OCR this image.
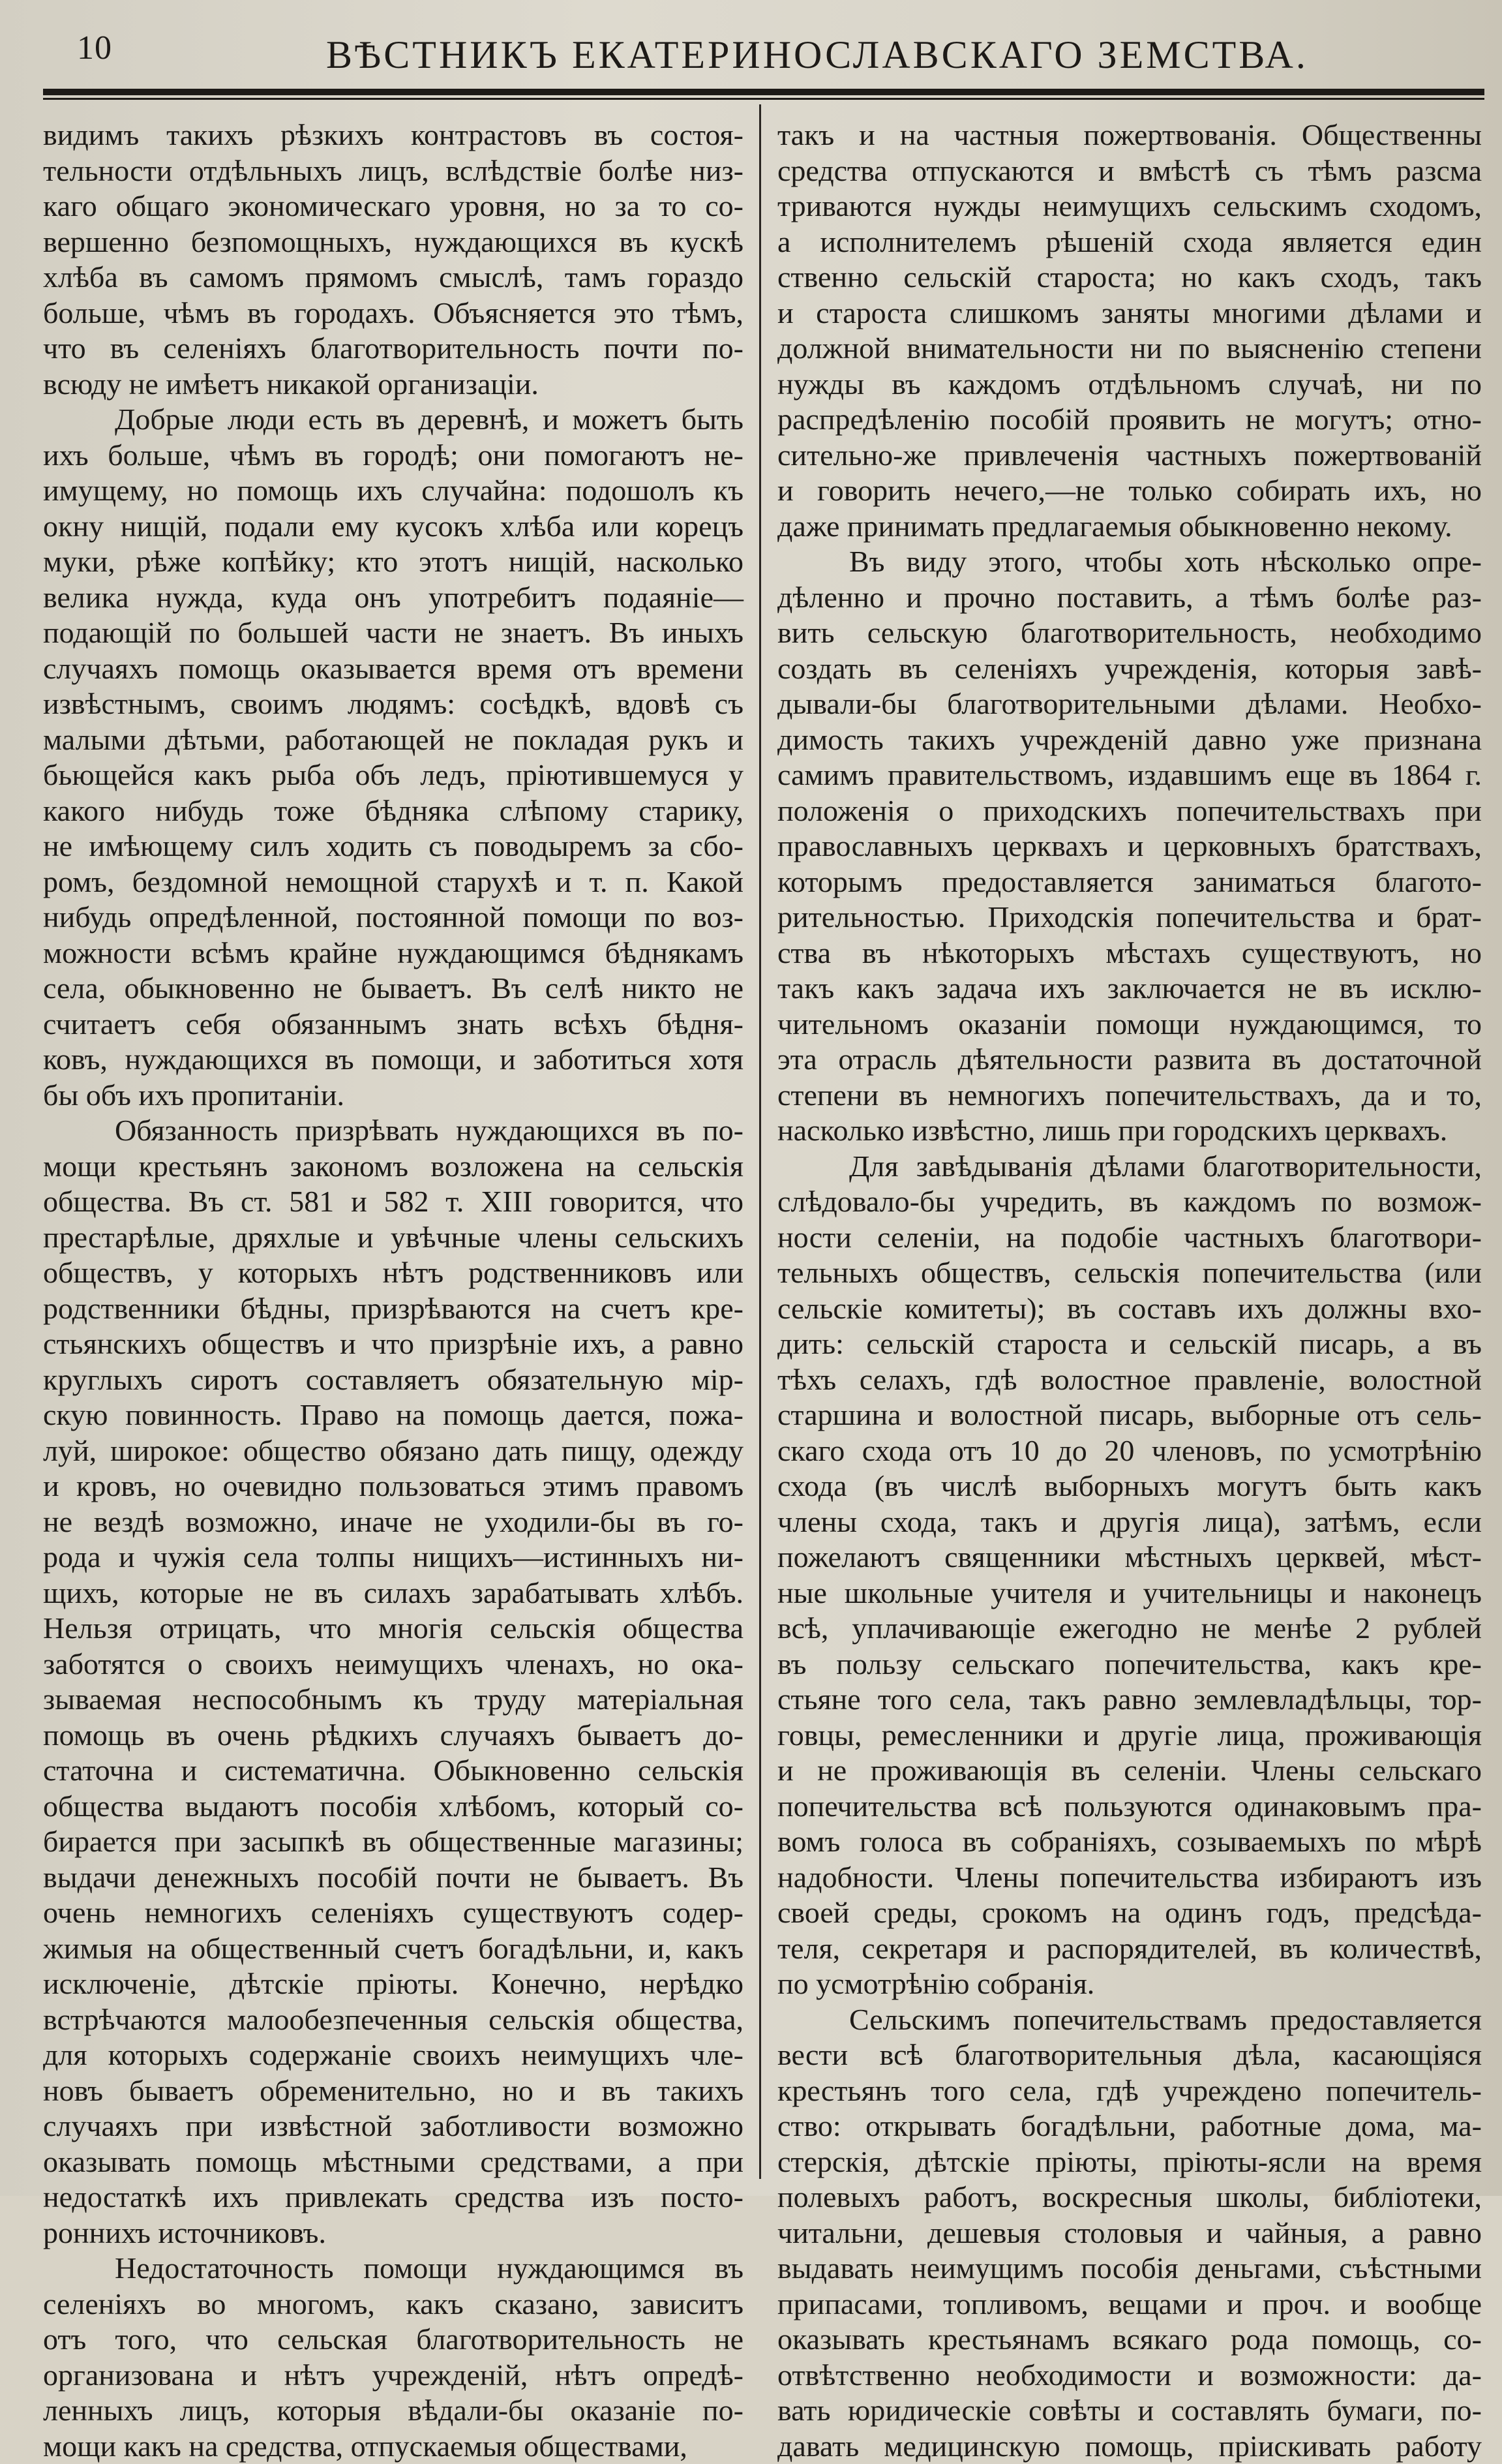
10	ВѢСТНИКЪ ЕКАТЕРИНОСЛАВСКАГО ЗЕМСТВА.
видимъ такихъ рѣзкихъ контрастовъ въ состоя-
тельности отдѣльныхъ лицъ, вслѣдствіе болѣе низ-
каго общаго экономическаго уровня, но за то со-
вершенно безпомощныхъ, нуждающихся въ кускѣ
хлѣба въ самомъ прямомъ смыслѣ, тамъ гораздо
больше, чѣмъ въ городахъ. Объясняется это тѣмъ,
что въ селеніяхъ благотворительность почти по-
всюду не имѣетъ никакой организаціи.
Добрые люди есть въ деревнѣ, и можетъ быть
ихъ больше, чѣмъ въ городѣ; они помогаютъ не-
имущему, но помощь ихъ случайна: подошолъ къ
окну нищій, подали ему кусокъ хлѣба или корецъ
муки, рѣже копѣйку; кто этотъ нищій, насколько
велика нужда, куда онъ употребитъ подаяніе—
подающій по большей части не знаетъ. Въ иныхъ
случаяхъ помощь оказывается время отъ времени
извѣстнымъ, своимъ людямъ: сосѣдкѣ, вдовѣ съ
малыми дѣтьми, работающей не покладая рукъ и
бьющейся какъ рыба объ ледъ, пріютившемуся у
какого нибудь тоже бѣдняка слѣпому старику,
не имѣющему силъ ходить съ поводыремъ за сбо-
ромъ, бездомной немощной старухѣ и т. п. Какой
нибудь опредѣленной, постоянной помощи по воз-
можности всѣмъ крайне нуждающимся бѣднякамъ
села, обыкновенно не бываетъ. Въ селѣ никто не
считаетъ себя обязаннымъ знать всѣхъ бѣдня-
ковъ, нуждающихся въ помощи, и заботиться хотя
бы объ ихъ пропитаніи.
Обязанность призрѣвать нуждающихся въ по-
мощи крестьянъ закономъ возложена на сельскія
общества. Въ ст. 581 и 582 т. XIII говорится, что
престарѣлые, дряхлые и увѣчные члены сельскихъ
обществъ, у которыхъ нѣтъ родственниковъ или
родственники бѣдны, призрѣваются на счетъ кре-
стьянскихъ обществъ и что призрѣніе ихъ, а равно
круглыхъ сиротъ составляетъ обязательную мір-
скую повинность. Право на помощь дается, пожа-
луй, широкое: общество обязано дать пищу, одежду
и кровъ, но очевидно пользоваться этимъ правомъ
не вездѣ возможно, иначе не уходили-бы въ го-
рода и чужія села толпы нищихъ—истинныхъ ни-
щихъ, которые не въ силахъ зарабатывать хлѣбъ.
Нельзя отрицать, что многія сельскія общества
заботятся о своихъ неимущихъ членахъ, но ока-
зываемая неспособнымъ къ труду матеріальная
помощь въ очень рѣдкихъ случаяхъ бываетъ до-
статочна и систематична. Обыкновенно сельскія
общества выдаютъ пособія хлѣбомъ, который со-
бирается при засыпкѣ въ общественные магазины;
выдачи денежныхъ пособій почти не бываетъ. Въ
очень немногихъ селеніяхъ существуютъ содер-
жимыя на общественный счетъ богадѣльни, и, какъ
исключеніе, дѣтскіе пріюты. Конечно, нерѣдко
встрѣчаются малообезпеченныя сельскія общества,
для которыхъ содержаніе своихъ неимущихъ чле-
новъ бываетъ обременительно, но и въ такихъ
случаяхъ при извѣстной заботливости возможно
оказывать помощь мѣстными средствами, а при
недостаткѣ ихъ привлекать средства изъ посто-
роннихъ источниковъ.
Недостаточность помощи нуждающимся въ
селеніяхъ во многомъ, какъ сказано, зависитъ
отъ того, что сельская благотворительность не
организована и нѣтъ учрежденій, нѣтъ опредѣ-
ленныхъ лицъ, которыя вѣдали-бы оказаніе по-
мощи какъ на средства, отпускаемыя обществами,
такъ и на частныя пожертвованія. Общественны
средства отпускаются и вмѣстѣ съ тѣмъ разсма
триваются нужды неимущихъ сельскимъ сходомъ,
а исполнителемъ рѣшеній схода является един
ственно сельскій староста; но какъ сходъ, такъ
и староста слишкомъ заняты многими дѣлами и
должной внимательности ни по выясненію степени
нужды въ каждомъ отдѣльномъ случаѣ, ни по
распредѣленію пособій проявить не могутъ; отно-
сительно-же привлеченія частныхъ пожертвованій
и говорить нечего,—не только собирать ихъ, но
даже принимать предлагаемыя обыкновенно некому.
Въ виду этого, чтобы хоть нѣсколько опре-
дѣленно и прочно поставить, а тѣмъ болѣе раз-
вить сельскую благотворительность, необходимо
создать въ селеніяхъ учрежденія, которыя завѣ-
дывали-бы благотворительными дѣлами. Необхо-
димость такихъ учрежденій давно уже признана
самимъ правительствомъ, издавшимъ еще въ 1864 г.
положенія о приходскихъ попечительствахъ при
православныхъ церквахъ и церковныхъ братствахъ,
которымъ предоставляется заниматься благото-
рительностью. Приходскія попечительства и брат-
ства въ нѣкоторыхъ мѣстахъ существуютъ, но
такъ какъ задача ихъ заключается не въ исклю-
чительномъ оказаніи помощи нуждающимся, то
эта отрасль дѣятельности развита въ достаточной
степени въ немногихъ попечительствахъ, да и то,
насколько извѣстно, лишь при городскихъ церквахъ.
Для завѣдыванія дѣлами благотворительности,
слѣдовало-бы учредить, въ каждомъ по возмож-
ности селеніи, на подобіе частныхъ благотвори-
тельныхъ обществъ, сельскія попечительства (или
сельскіе комитеты); въ составъ ихъ должны вхо-
дить: сельскій староста и сельскій писарь, а въ
тѣхъ селахъ, гдѣ волостное правленіе, волостной
старшина и волостной писарь, выборные отъ сель-
скаго схода отъ 10 до 20 членовъ, по усмотрѣнію
схода (въ числѣ выборныхъ могутъ быть какъ
члены схода, такъ и другія лица), затѣмъ, если
пожелаютъ священники мѣстныхъ церквей, мѣст-
ные школьные учителя и учительницы и наконецъ
всѣ, уплачивающіе ежегодно не менѣе 2 рублей
въ пользу сельскаго попечительства, какъ кре-
стьяне того села, такъ равно землевладѣльцы, тор-
говцы, ремесленники и другіе лица, проживающія
и не проживающія въ селеніи. Члены сельскаго
попечительства всѣ пользуются одинаковымъ пра-
вомъ голоса въ собраніяхъ, созываемыхъ по мѣрѣ
надобности. Члены попечительства избираютъ изъ
своей среды, срокомъ на одинъ годъ, предсѣда-
теля, секретаря и распорядителей, въ количествѣ,
по усмотрѣнію собранія.
Сельскимъ попечительствамъ предоставляется
вести всѣ благотворительныя дѣла, касающіяся
крестьянъ того села, гдѣ учреждено попечитель-
ство: открывать богадѣльни, работные дома, ма-
стерскія, дѣтскіе пріюты, пріюты-ясли на время
полевыхъ работъ, воскресныя школы, библіотеки,
читальни, дешевыя столовыя и чайныя, а равно
выдавать неимущимъ пособія деньгами, съѣстными
припасами, топливомъ, вещами и проч. и вообще
оказывать крестьянамъ всякаго рода помощь, со-
отвѣтственно необходимости и возможности: да-
вать юридическіе совѣты и составлять бумаги, по-
давать медицинскую помощь, пріискивать работу
